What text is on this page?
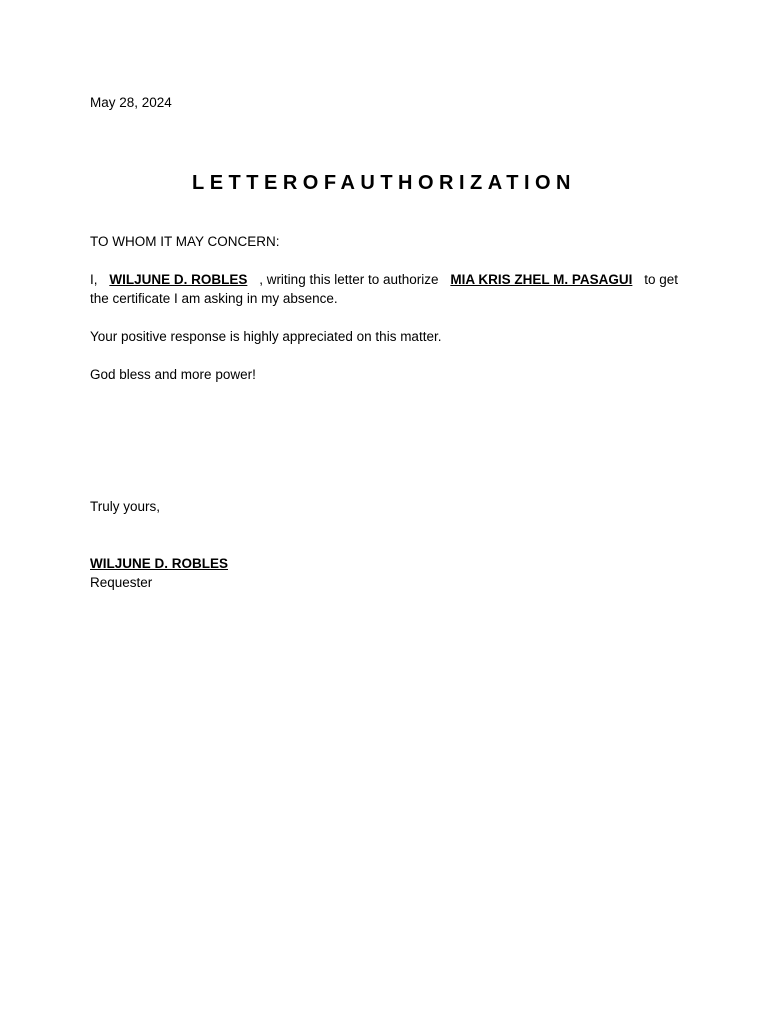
May 28, 2024
LETTEROFAUTHORIZATION
TO WHOM IT MAY CONCERN:
I, WILJUNE D. ROBLES , writing this letter to authorize MIA KRIS ZHEL M. PASAGUI to get
the certificate I am asking in my absence.
Your positive response is highly appreciated on this matter.
God bless and more power!
Truly yours,
WILJUNE D. ROBLES
Requester
